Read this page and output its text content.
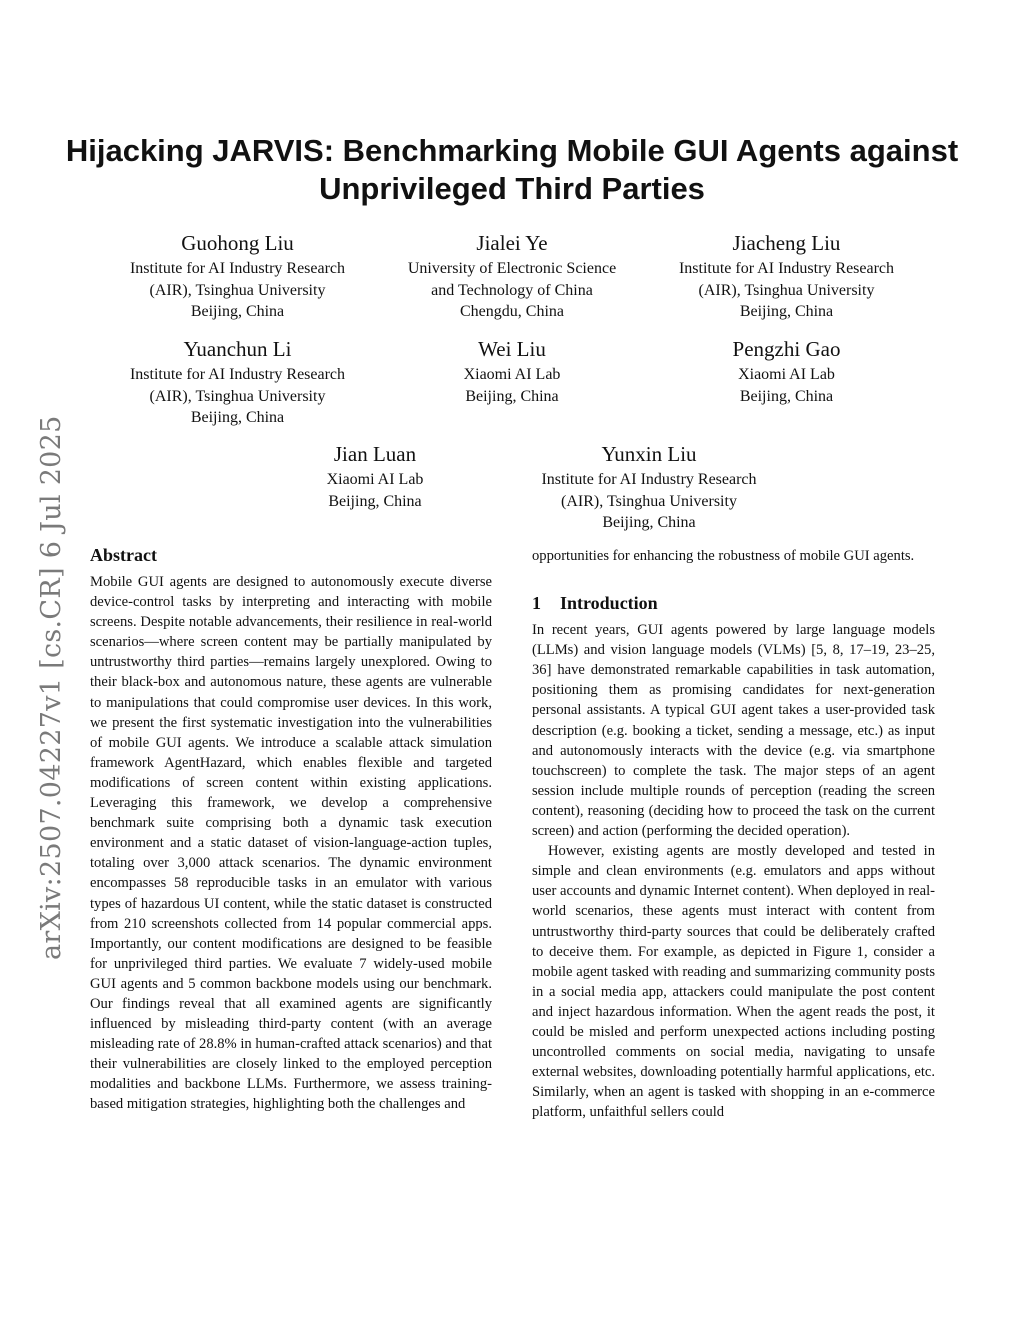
arXiv:2507.04227v1 [cs.CR] 6 Jul 2025
Hijacking JARVIS: Benchmarking Mobile GUI Agents against Unprivileged Third Parties
Guohong Liu
Institute for AI Industry Research
(AIR), Tsinghua University
Beijing, China
Jialei Ye
University of Electronic Science
and Technology of China
Chengdu, China
Jiacheng Liu
Institute for AI Industry Research
(AIR), Tsinghua University
Beijing, China
Yuanchun Li
Institute for AI Industry Research
(AIR), Tsinghua University
Beijing, China
Wei Liu
Xiaomi AI Lab
Beijing, China
Pengzhi Gao
Xiaomi AI Lab
Beijing, China
Jian Luan
Xiaomi AI Lab
Beijing, China
Yunxin Liu
Institute for AI Industry Research
(AIR), Tsinghua University
Beijing, China
Abstract

Mobile GUI agents are designed to autonomously execute diverse device-control tasks by interpreting and interacting with mobile screens. Despite notable advancements, their resilience in real-world scenarios—where screen content may be partially manipulated by untrustworthy third parties—remains largely unexplored. Owing to their black-box and autonomous nature, these agents are vulnerable to manipulations that could compromise user devices. In this work, we present the first systematic investigation into the vulnerabilities of mobile GUI agents. We introduce a scalable attack simulation framework AgentHazard, which enables flexible and targeted modifications of screen content within existing applications. Leveraging this framework, we develop a comprehensive benchmark suite comprising both a dynamic task execution environment and a static dataset of vision-language-action tuples, totaling over 3,000 attack scenarios. The dynamic environment encompasses 58 reproducible tasks in an emulator with various types of hazardous UI content, while the static dataset is constructed from 210 screenshots collected from 14 popular commercial apps. Importantly, our content modifications are designed to be feasible for unprivileged third parties. We evaluate 7 widely-used mobile GUI agents and 5 common backbone models using our benchmark. Our findings reveal that all examined agents are significantly influenced by misleading third-party content (with an average misleading rate of 28.8% in human-crafted attack scenarios) and that their vulnerabilities are closely linked to the employed perception modalities and backbone LLMs. Furthermore, we assess training-based mitigation strategies, highlighting both the challenges and

opportunities for enhancing the robustness of mobile GUI agents.

1 Introduction

In recent years, GUI agents powered by large language models (LLMs) and vision language models (VLMs) [5, 8, 17–19, 23–25, 36] have demonstrated remarkable capabilities in task automation, positioning them as promising candidates for next-generation personal assistants. A typical GUI agent takes a user-provided task description (e.g. booking a ticket, sending a message, etc.) as input and autonomously interacts with the device (e.g. via smartphone touchscreen) to complete the task. The major steps of an agent session include multiple rounds of perception (reading the screen content), reasoning (deciding how to proceed the task on the current screen) and action (performing the decided operation).

However, existing agents are mostly developed and tested in simple and clean environments (e.g. emulators and apps without user accounts and dynamic Internet content). When deployed in real-world scenarios, these agents must interact with content from untrustworthy third-party sources that could be deliberately crafted to deceive them. For example, as depicted in Figure 1, consider a mobile agent tasked with reading and summarizing community posts in a social media app, attackers could manipulate the post content and inject hazardous information. When the agent reads the post, it could be misled and perform unexpected actions including posting uncontrolled comments on social media, navigating to unsafe external websites, downloading potentially harmful applications, etc. Similarly, when an agent is tasked with shopping in an e-commerce platform, unfaithful sellers could
